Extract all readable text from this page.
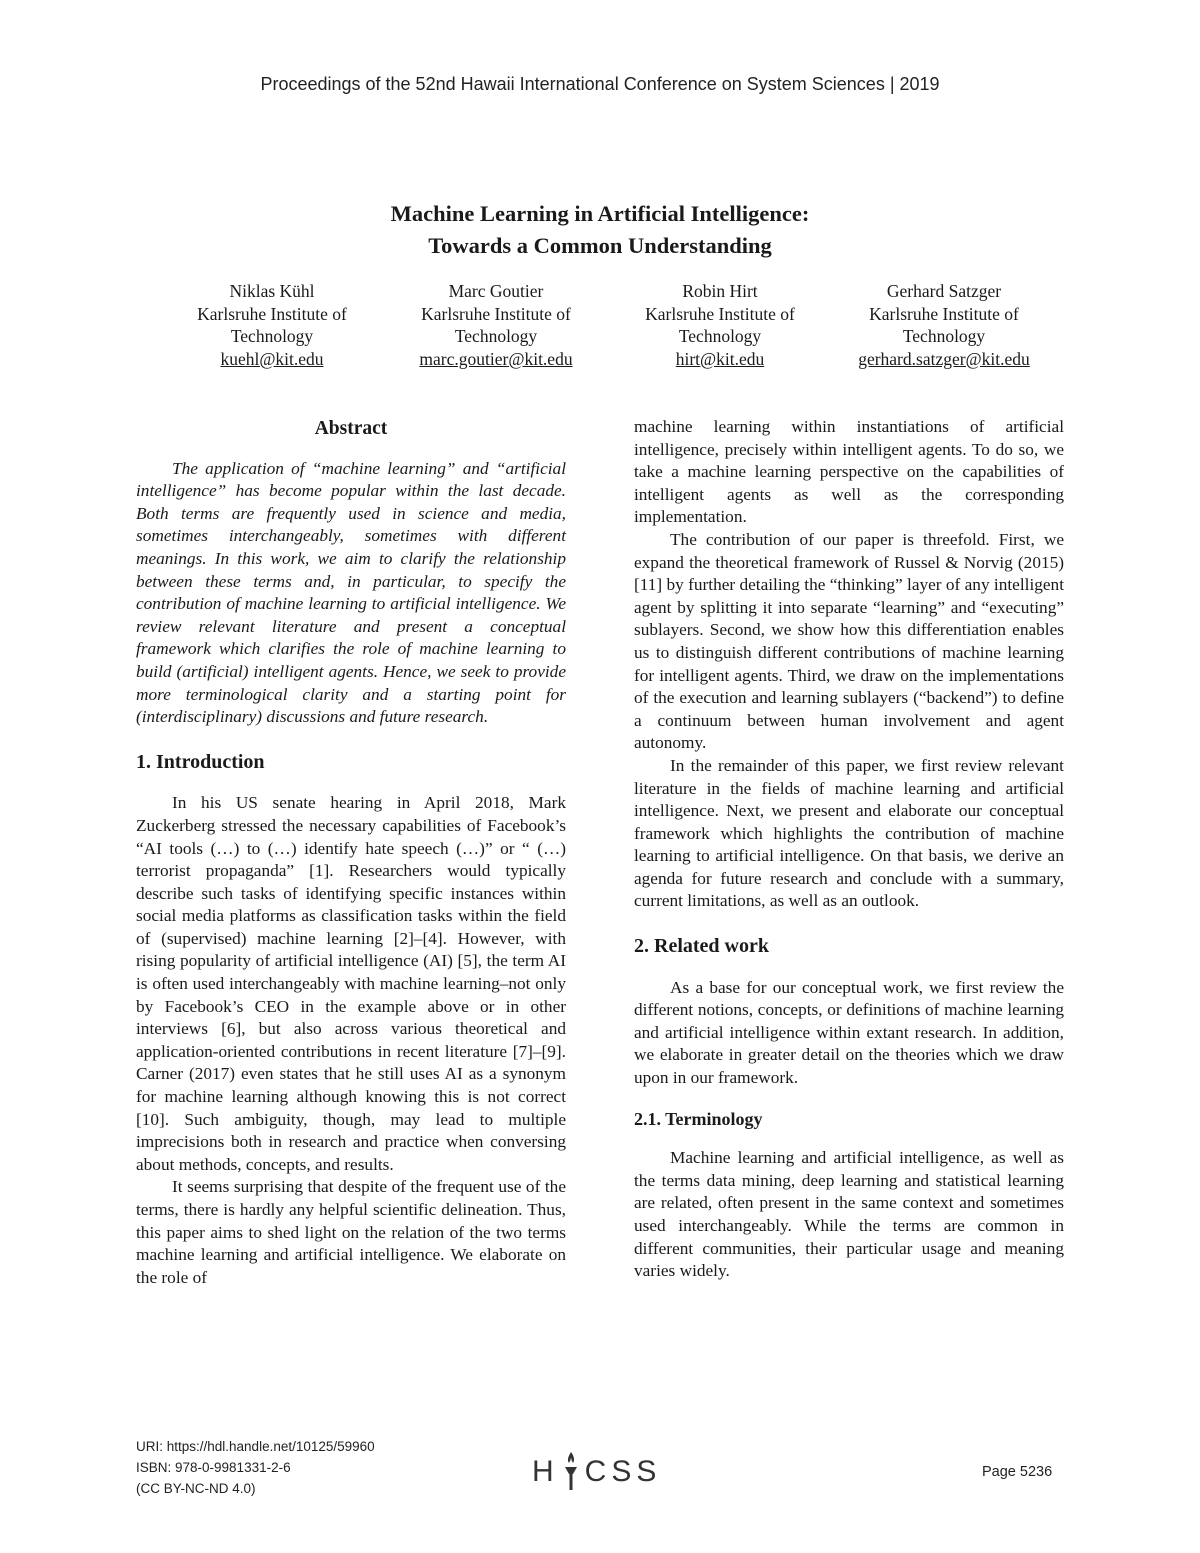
Proceedings of the 52nd Hawaii International Conference on System Sciences | 2019
Machine Learning in Artificial Intelligence:
Towards a Common Understanding
Niklas Kühl
Karlsruhe Institute of
Technology
kuehl@kit.edu
Marc Goutier
Karlsruhe Institute of
Technology
marc.goutier@kit.edu
Robin Hirt
Karlsruhe Institute of
Technology
hirt@kit.edu
Gerhard Satzger
Karlsruhe Institute of
Technology
gerhard.satzger@kit.edu
Abstract

The application of “machine learning” and “artificial intelligence” has become popular within the last decade. Both terms are frequently used in science and media, sometimes interchangeably, sometimes with different meanings. In this work, we aim to clarify the relationship between these terms and, in particular, to specify the contribution of machine learning to artificial intelligence. We review relevant literature and present a conceptual framework which clarifies the role of machine learning to build (artificial) intelligent agents. Hence, we seek to provide more terminological clarity and a starting point for (interdisciplinary) discussions and future research.

1. Introduction

In his US senate hearing in April 2018, Mark Zuckerberg stressed the necessary capabilities of Facebook’s “AI tools (…) to (…) identify hate speech (…)” or “ (…) terrorist propaganda” [1]. Researchers would typically describe such tasks of identifying specific instances within social media platforms as classification tasks within the field of (supervised) machine learning [2]–[4]. However, with rising popularity of artificial intelligence (AI) [5], the term AI is often used interchangeably with machine learning–not only by Facebook’s CEO in the example above or in other interviews [6], but also across various theoretical and application-oriented contributions in recent literature [7]–[9]. Carner (2017) even states that he still uses AI as a synonym for machine learning although knowing this is not correct [10]. Such ambiguity, though, may lead to multiple imprecisions both in research and practice when conversing about methods, concepts, and results.

It seems surprising that despite of the frequent use of the terms, there is hardly any helpful scientific delineation. Thus, this paper aims to shed light on the relation of the two terms machine learning and artificial intelligence. We elaborate on the role of

machine learning within instantiations of artificial intelligence, precisely within intelligent agents. To do so, we take a machine learning perspective on the capabilities of intelligent agents as well as the corresponding implementation.

The contribution of our paper is threefold. First, we expand the theoretical framework of Russel & Norvig (2015) [11] by further detailing the “thinking” layer of any intelligent agent by splitting it into separate “learning” and “executing” sublayers. Second, we show how this differentiation enables us to distinguish different contributions of machine learning for intelligent agents. Third, we draw on the implementations of the execution and learning sublayers (“backend”) to define a continuum between human involvement and agent autonomy.

In the remainder of this paper, we first review relevant literature in the fields of machine learning and artificial intelligence. Next, we present and elaborate our conceptual framework which highlights the contribution of machine learning to artificial intelligence. On that basis, we derive an agenda for future research and conclude with a summary, current limitations, as well as an outlook.

2. Related work

As a base for our conceptual work, we first review the different notions, concepts, or definitions of machine learning and artificial intelligence within extant research. In addition, we elaborate in greater detail on the theories which we draw upon in our framework.

2.1. Terminology

Machine learning and artificial intelligence, as well as the terms data mining, deep learning and statistical learning are related, often present in the same context and sometimes used interchangeably. While the terms are common in different communities, their particular usage and meaning varies widely.

URI: https://hdl.handle.net/10125/59960
ISBN: 978-0-9981331-2-6
(CC BY-NC-ND 4.0)
H CSS	Page 5236
